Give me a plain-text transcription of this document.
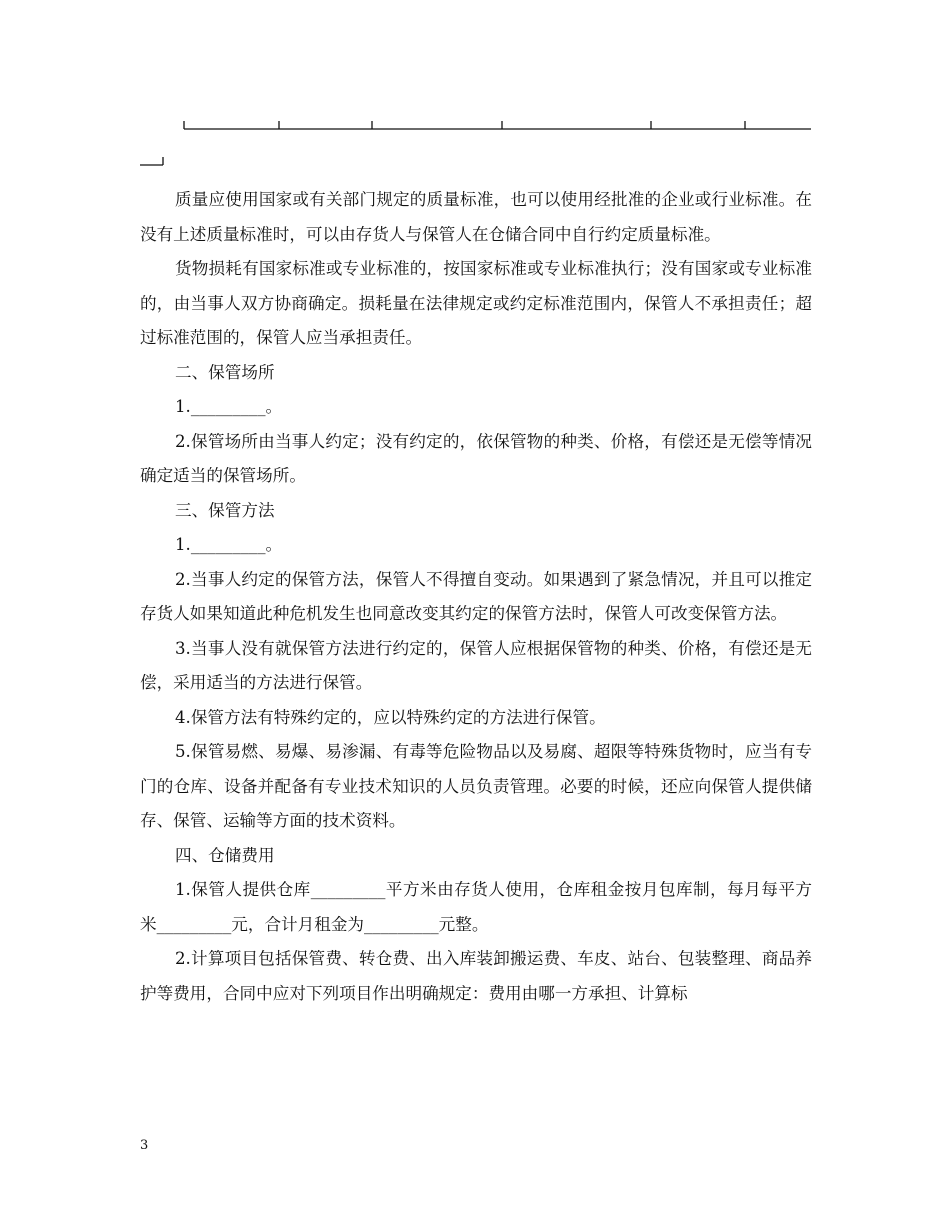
质量应使用国家或有关部门规定的质量标准，也可以使用经批准的企业或行业标准。在没有上述质量标准时，可以由存货人与保管人在仓储合同中自行约定质量标准。

货物损耗有国家标准或专业标准的，按国家标准或专业标准执行；没有国家或专业标准的，由当事人双方协商确定。损耗量在法律规定或约定标准范围内，保管人不承担责任；超过标准范围的，保管人应当承担责任。

二、保管场所

1._________。

2.保管场所由当事人约定；没有约定的，依保管物的种类、价格，有偿还是无偿等情况确定适当的保管场所。

三、保管方法

1._________。

2.当事人约定的保管方法，保管人不得擅自变动。如果遇到了紧急情况，并且可以推定存货人如果知道此种危机发生也同意改变其约定的保管方法时，保管人可改变保管方法。

3.当事人没有就保管方法进行约定的，保管人应根据保管物的种类、价格，有偿还是无偿，采用适当的方法进行保管。

4.保管方法有特殊约定的，应以特殊约定的方法进行保管。

5.保管易燃、易爆、易渗漏、有毒等危险物品以及易腐、超限等特殊货物时，应当有专门的仓库、设备并配备有专业技术知识的人员负责管理。必要的时候，还应向保管人提供储存、保管、运输等方面的技术资料。

四、仓储费用

1.保管人提供仓库_________平方米由存货人使用，仓库租金按月包库制，每月每平方米_________元，合计月租金为_________元整。

2.计算项目包括保管费、转仓费、出入库装卸搬运费、车皮、站台、包装整理、商品养护等费用，合同中应对下列项目作出明确规定：费用由哪一方承担、计算标

3
